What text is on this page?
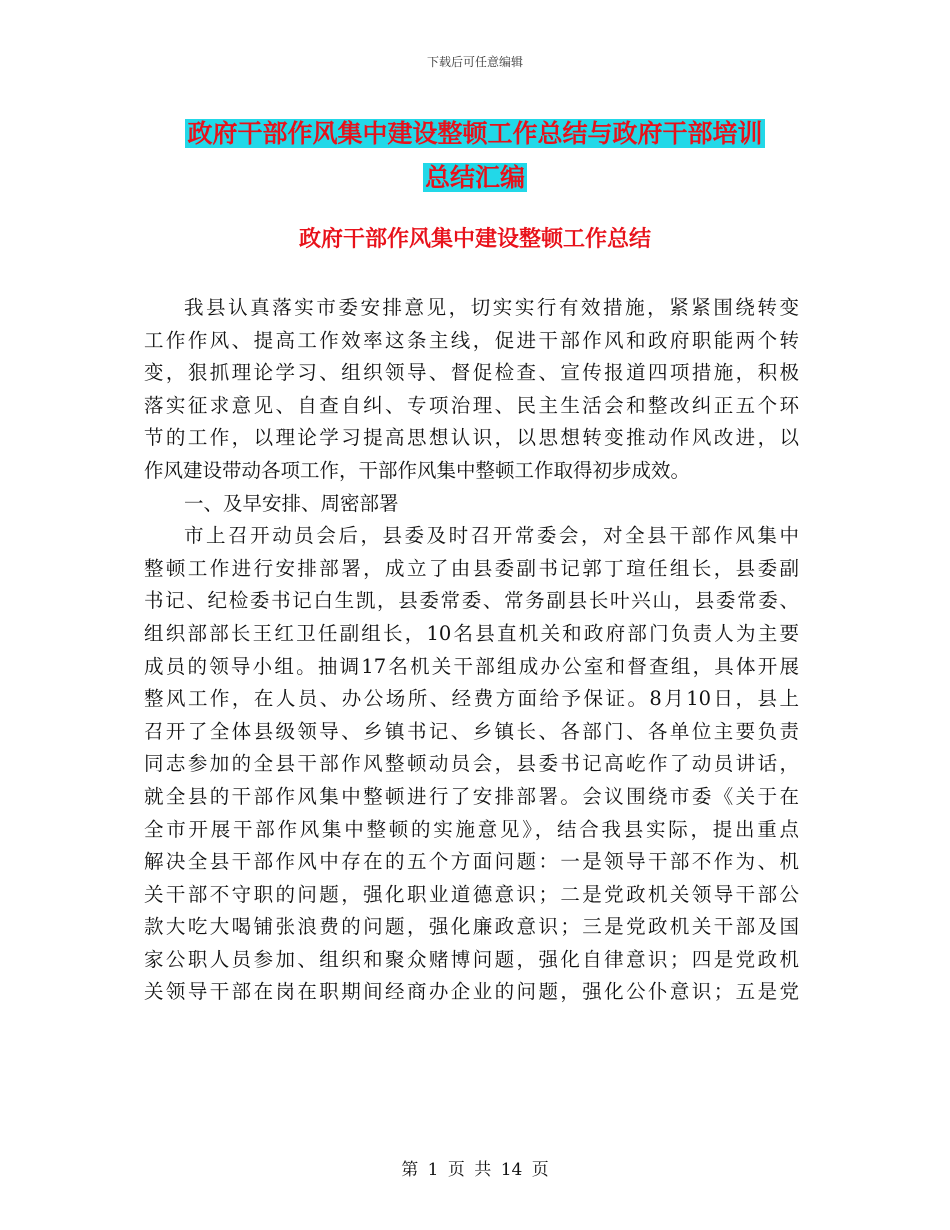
下载后可任意编辑
政府干部作风集中建设整顿工作总结与政府干部培训
总结汇编
政府干部作风集中建设整顿工作总结
我县认真落实市委安排意见，切实实行有效措施，紧紧围绕转变
工作作风、提高工作效率这条主线，促进干部作风和政府职能两个转
变，狠抓理论学习、组织领导、督促检查、宣传报道四项措施，积极
落实征求意见、自查自纠、专项治理、民主生活会和整改纠正五个环
节的工作，以理论学习提高思想认识，以思想转变推动作风改进，以
作风建设带动各项工作，干部作风集中整顿工作取得初步成效。
一、及早安排、周密部署
市上召开动员会后，县委及时召开常委会，对全县干部作风集中
整顿工作进行安排部署，成立了由县委副书记郭丁瑄任组长，县委副
书记、纪检委书记白生凯，县委常委、常务副县长叶兴山，县委常委、
组织部部长王红卫任副组长，10名县直机关和政府部门负责人为主要
成员的领导小组。抽调17名机关干部组成办公室和督查组，具体开展
整风工作，在人员、办公场所、经费方面给予保证。8月10日，县上
召开了全体县级领导、乡镇书记、乡镇长、各部门、各单位主要负责
同志参加的全县干部作风整顿动员会，县委书记高屹作了动员讲话，
就全县的干部作风集中整顿进行了安排部署。会议围绕市委《关于在
全市开展干部作风集中整顿的实施意见》，结合我县实际，提出重点
解决全县干部作风中存在的五个方面问题：一是领导干部不作为、机
关干部不守职的问题，强化职业道德意识；二是党政机关领导干部公
款大吃大喝铺张浪费的问题，强化廉政意识；三是党政机关干部及国
家公职人员参加、组织和聚众赌博问题，强化自律意识；四是党政机
关领导干部在岗在职期间经商办企业的问题，强化公仆意识；五是党
第 1 页 共 14 页
